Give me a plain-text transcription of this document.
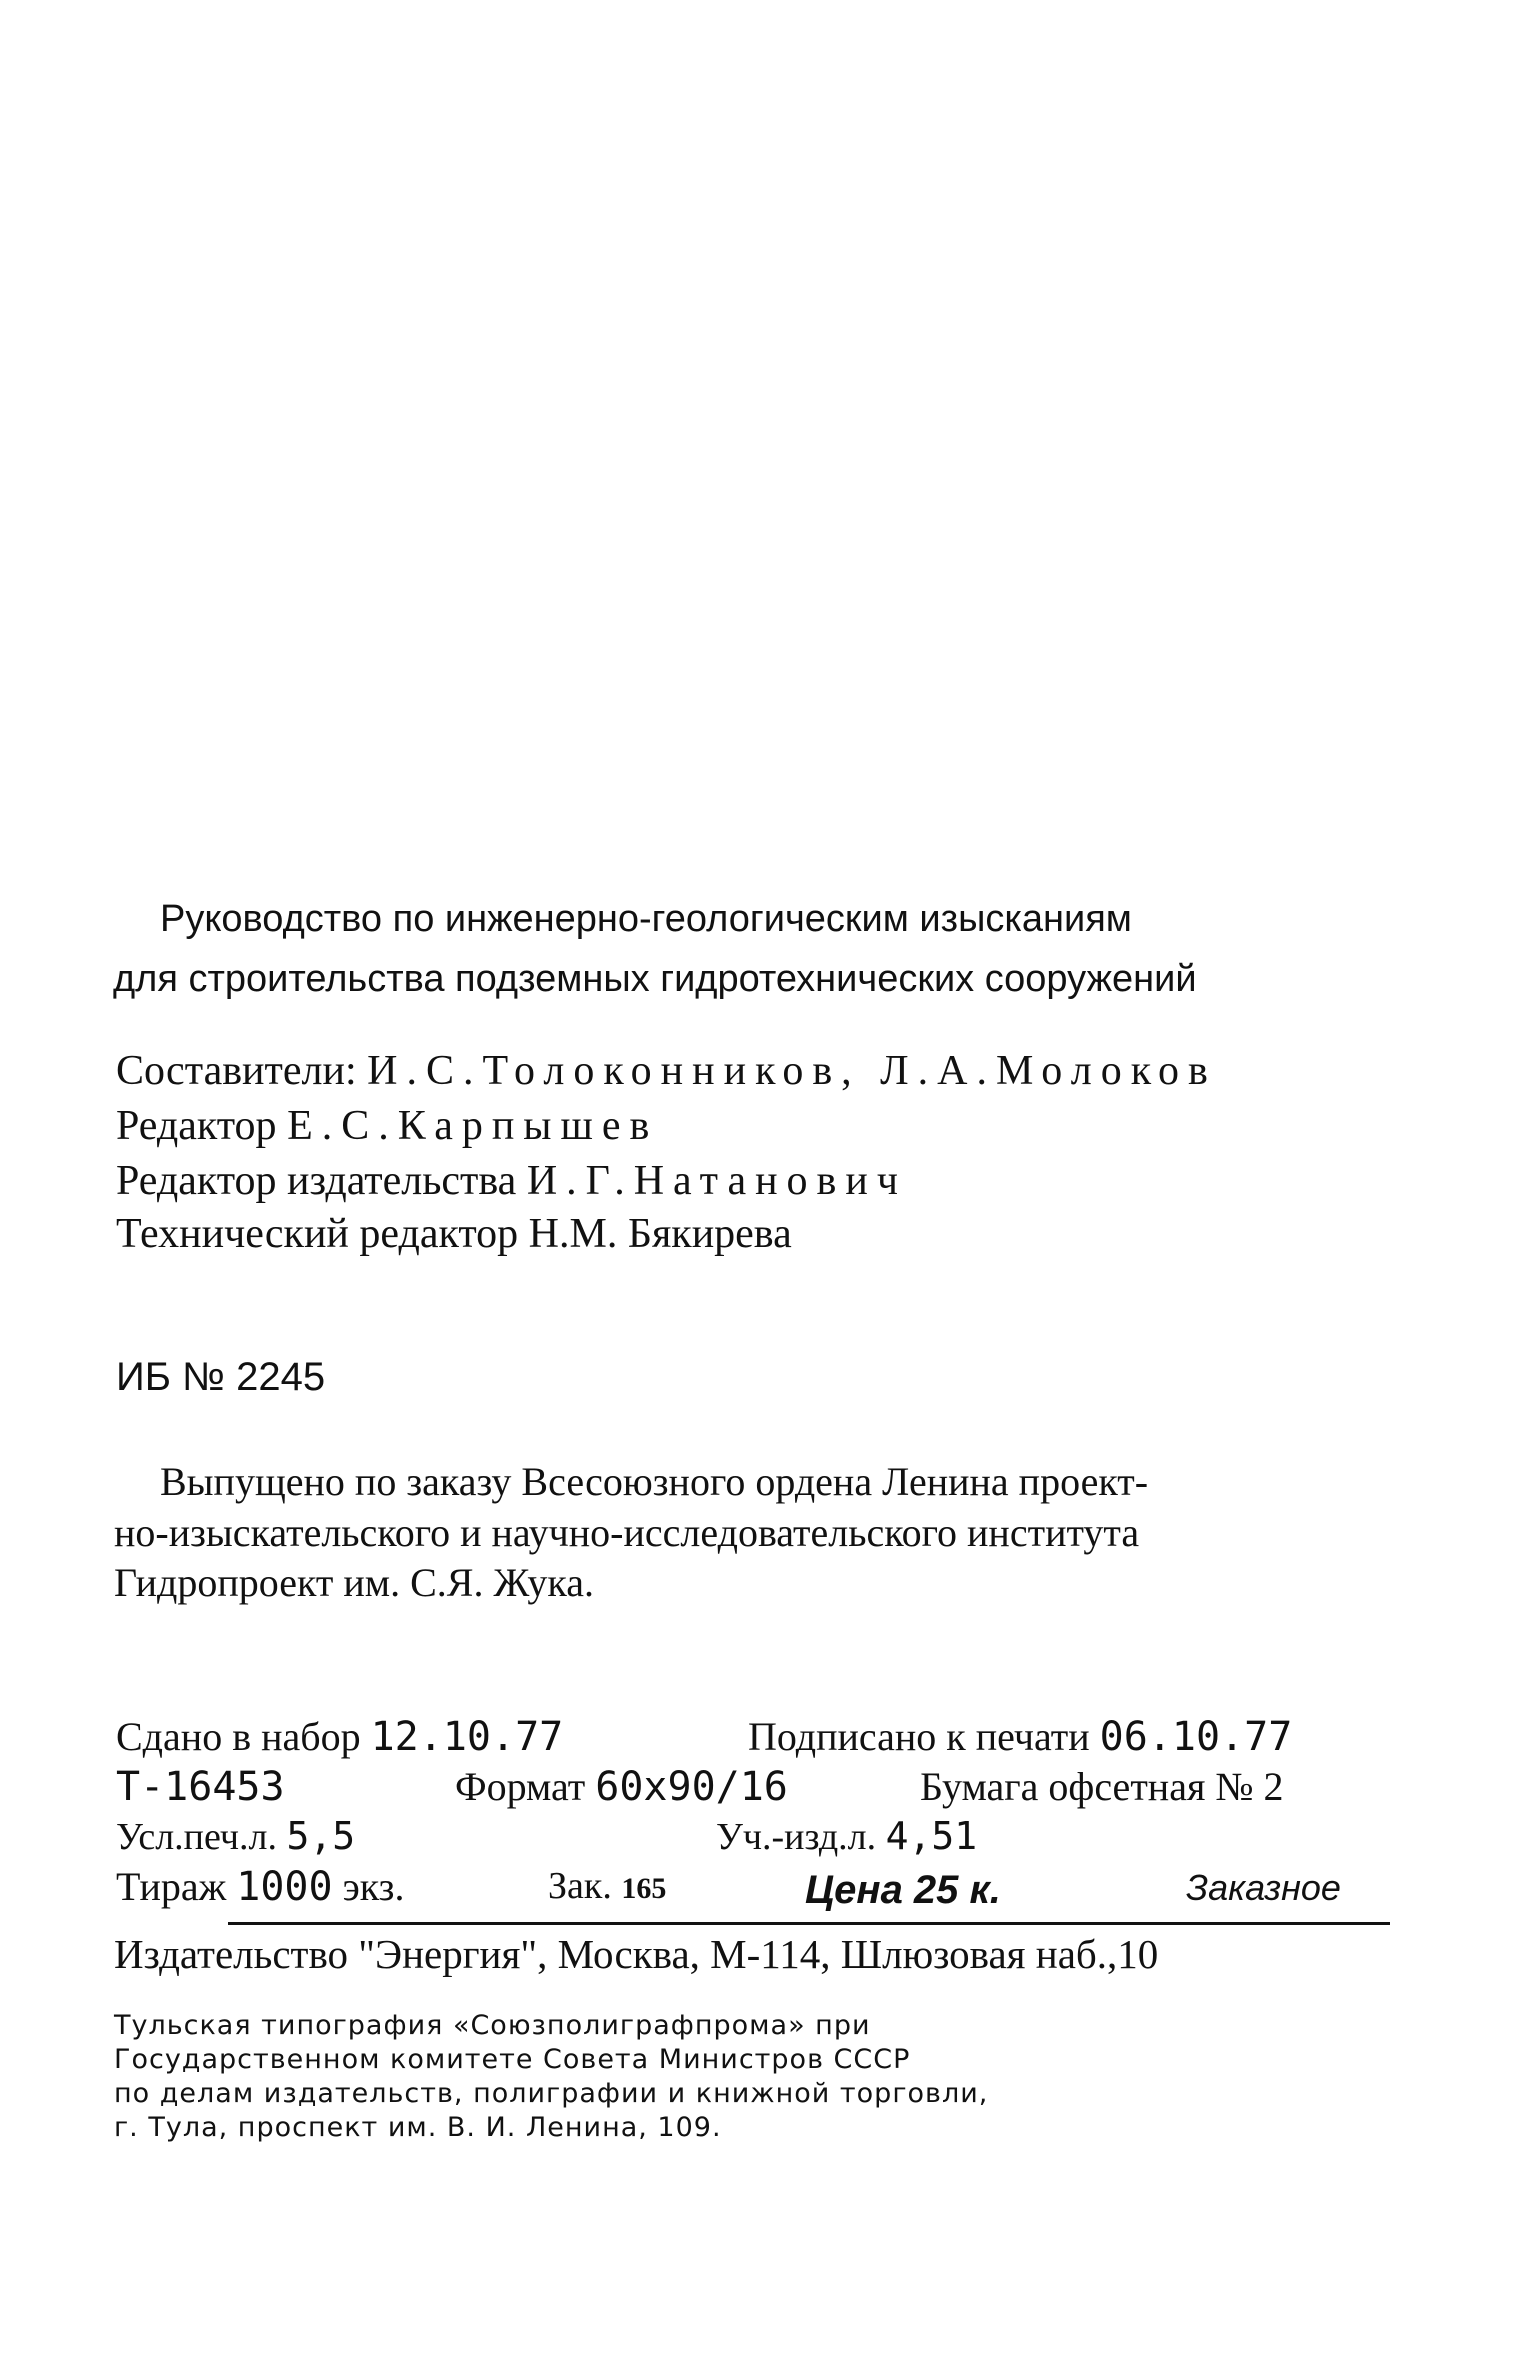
Руководство по инженерно-геологическим изысканиям
для строительства подземных гидротехнических сооружений
Составители: И.С.Толоконников, Л.А.Молоков
Редактор Е.С.Карпышев
Редактор издательства И.Г.Натанович
Технический редактор Н.М. Бякирева
ИБ № 2245
Выпущено по заказу Всесоюзного ордена Ленина проект-
но-изыскательского и научно-исследовательского института
Гидропроект им. С.Я. Жука.
Сдано в набор 12.10.77	Подписано к печати 06.10.77
Т-16453	Формат 60х90/16	Бумага офсетная № 2
Усл.печ.л. 5,5	Уч.-изд.л. 4,51
Тираж 1000 экз.	Зак. 165	Цена 25 к.	Заказное
Издательство "Энергия", Москва, М-114, Шлюзовая наб.,10
Тульская типография «Союзполиграфпрома» при
Государственном комитете Совета Министров СССР
по делам издательств, полиграфии и книжной торговли,
г. Тула, проспект им. В. И. Ленина, 109.
